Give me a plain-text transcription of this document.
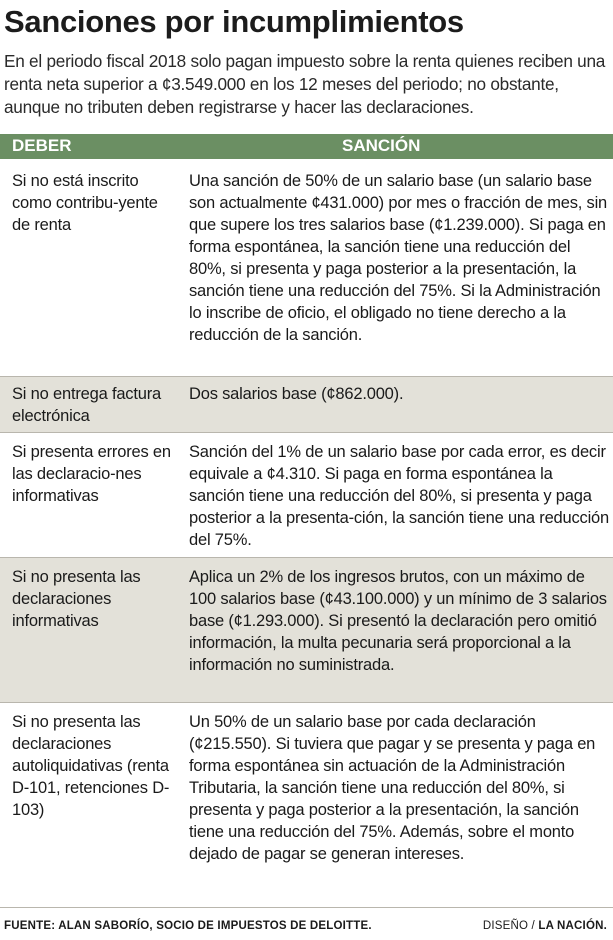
Sanciones por incumplimientos

En el periodo fiscal 2018 solo pagan impuesto sobre la renta quienes reciben una renta neta superior a ¢3.549.000 en los 12 meses del periodo; no obstante, aunque no tributen deben registrarse y hacer las declaraciones.

DEBER	SANCIÓN
Si no está inscrito como contribu-yente de renta
Una sanción de 50% de un salario base (un salario base son actualmente ¢431.000) por mes o fracción de mes, sin que supere los tres salarios base (¢1.239.000). Si paga en forma espontánea, la sanción tiene una reducción del 80%, si presenta y paga posterior a la presentación, la sanción tiene una reducción del 75%. Si la Administración lo inscribe de oficio, el obligado no tiene derecho a la reducción de la sanción.
Si no entrega factura electrónica
Dos salarios base (¢862.000).
Si presenta errores en las declaracio-nes informativas
Sanción del 1% de un salario base por cada error, es decir equivale a ¢4.310. Si paga en forma espontánea la sanción tiene una reducción del 80%, si presenta y paga posterior a la presenta-ción, la sanción tiene una reducción del 75%.
Si no presenta las declaraciones informativas
Aplica un 2% de los ingresos brutos, con un máximo de 100 salarios base (¢43.100.000) y un mínimo de 3 salarios base (¢1.293.000). Si presentó la declaración pero omitió información, la multa pecunaria será proporcional a la información no suministrada.
Si no presenta las declaraciones autoliquidativas (renta D-101, retenciones D-103)
Un 50% de un salario base por cada declaración (¢215.550). Si tuviera que pagar y se presenta y paga en forma espontánea sin actuación de la Administración Tributaria, la sanción tiene una reducción del 80%, si presenta y paga posterior a la presentación, la sanción tiene una reducción del 75%. Además, sobre el monto dejado de pagar se generan intereses.
FUENTE: ALAN SABORÍO, SOCIO DE IMPUESTOS DE DELOITTE.	DISEÑO / LA NACIÓN.
